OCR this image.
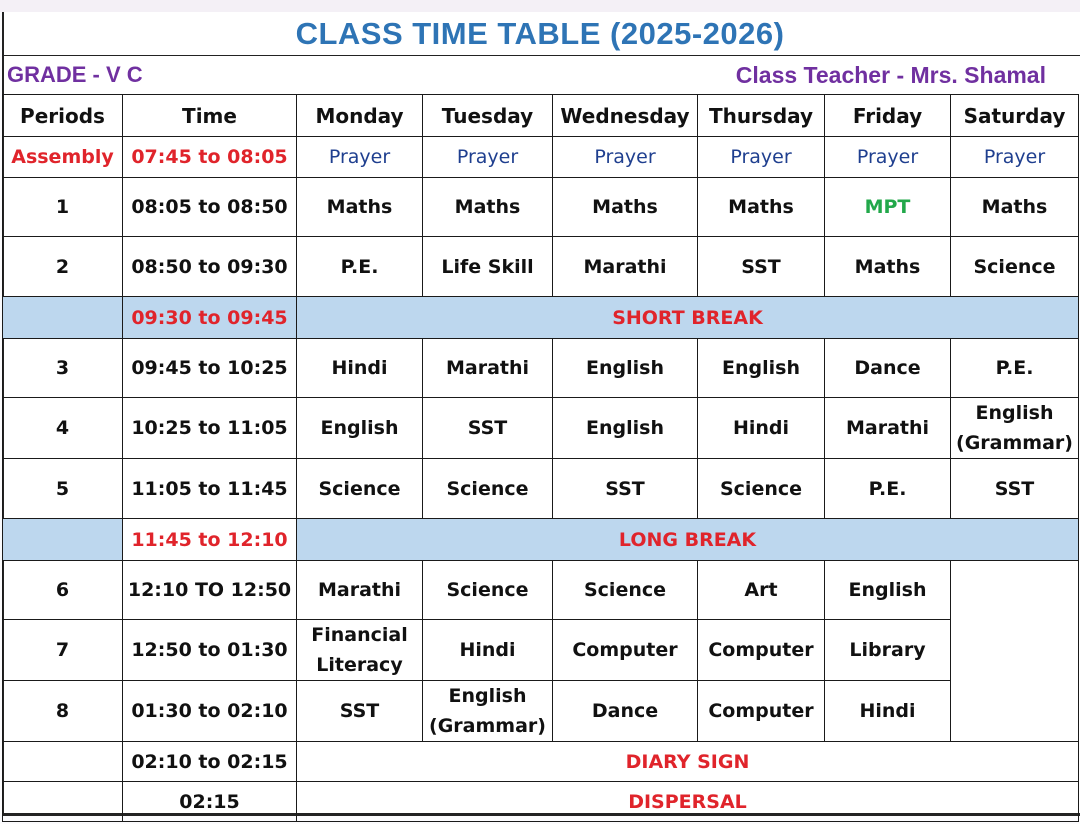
CLASS TIME TABLE (2025-2026)
GRADE - V C	Class Teacher - Mrs. Shamal
Periods	Time	Monday	Tuesday	Wednesday	Thursday	Friday	Saturday
Assembly	07:45 to 08:05	Prayer	Prayer	Prayer	Prayer	Prayer	Prayer
1	08:05 to 08:50	Maths	Maths	Maths	Maths	MPT	Maths
2	08:50 to 09:30	P.E.	Life Skill	Marathi	SST	Maths	Science
	09:30 to 09:45	SHORT BREAK					
3	09:45 to 10:25	Hindi	Marathi	English	English	Dance	P.E.
4	10:25 to 11:05	English	SST	English	Hindi	Marathi	English (Grammar)
5	11:05 to 11:45	Science	Science	SST	Science	P.E.	SST
	11:45 to 12:10	LONG BREAK					
6	12:10 TO 12:50	Marathi	Science	Science	Art	English	
7	12:50 to 01:30	Financial Literacy	Hindi	Computer	Computer	Library	
8	01:30 to 02:10	SST	English (Grammar)	Dance	Computer	Hindi	
	02:10 to 02:15	DIARY SIGN					
	02:15	DISPERSAL					
